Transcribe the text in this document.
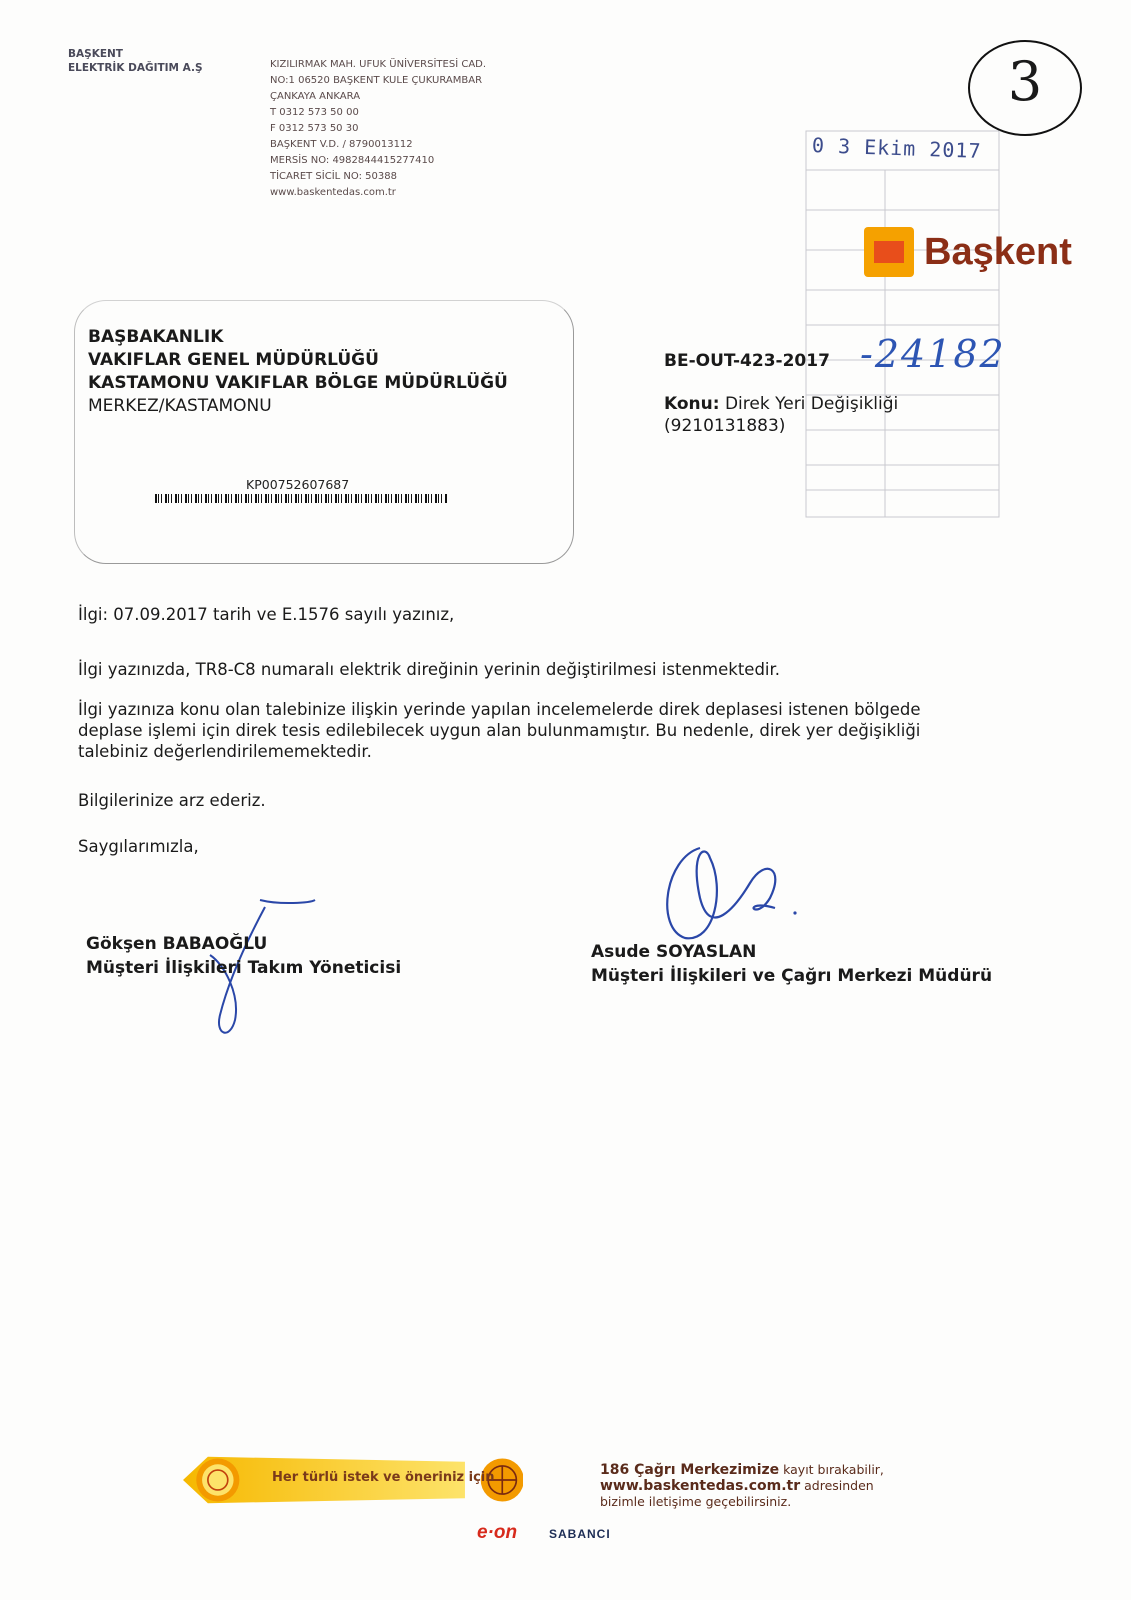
BAŞKENT
ELEKTRİK DAĞITIM A.Ş	KIZILIRMAK MAH. UFUK ÜNİVERSİTESİ CAD.
NO:1 06520 BAŞKENT KULE ÇUKURAMBAR
ÇANKAYA ANKARA
T 0312 573 50 00
F 0312 573 50 30
BAŞKENT V.D. / 8790013112
MERSİS NO: 4982844415277410
TİCARET SİCİL NO: 50388
www.baskentedas.com.tr
3
0 3 Ekim 2017
Başkent
BAŞBAKANLIK
VAKIFLAR GENEL MÜDÜRLÜĞÜ
KASTAMONU VAKIFLAR BÖLGE MÜDÜRLÜĞÜ
MERKEZ/KASTAMONU
KP00752607687
BE-OUT-423-2017 -24182
Konu: Direk Yeri Değişikliği
(9210131883)
İlgi: 07.09.2017 tarih ve E.1576 sayılı yazınız,
İlgi yazınızda, TR8-C8 numaralı elektrik direğinin yerinin değiştirilmesi istenmektedir.
İlgi yazınıza konu olan talebinize ilişkin yerinde yapılan incelemelerde direk deplasesi istenen bölgede
deplase işlemi için direk tesis edilebilecek uygun alan bulunmamıştır. Bu nedenle, direk yer değişikliği
talebiniz değerlendirilememektedir.
Bilgilerinize arz ederiz.
Saygılarımızla,
Gökşen BABAOĞLU
Müşteri İlişkileri Takım Yöneticisi
Asude SOYASLAN
Müşteri İlişkileri ve Çağrı Merkezi Müdürü
Her türlü istek ve öneriniz için	186 Çağrı Merkezimize kayıt bırakabilir,
www.baskentedas.com.tr adresinden
bizimle iletişime geçebilirsiniz.
e·on	SABANCI
